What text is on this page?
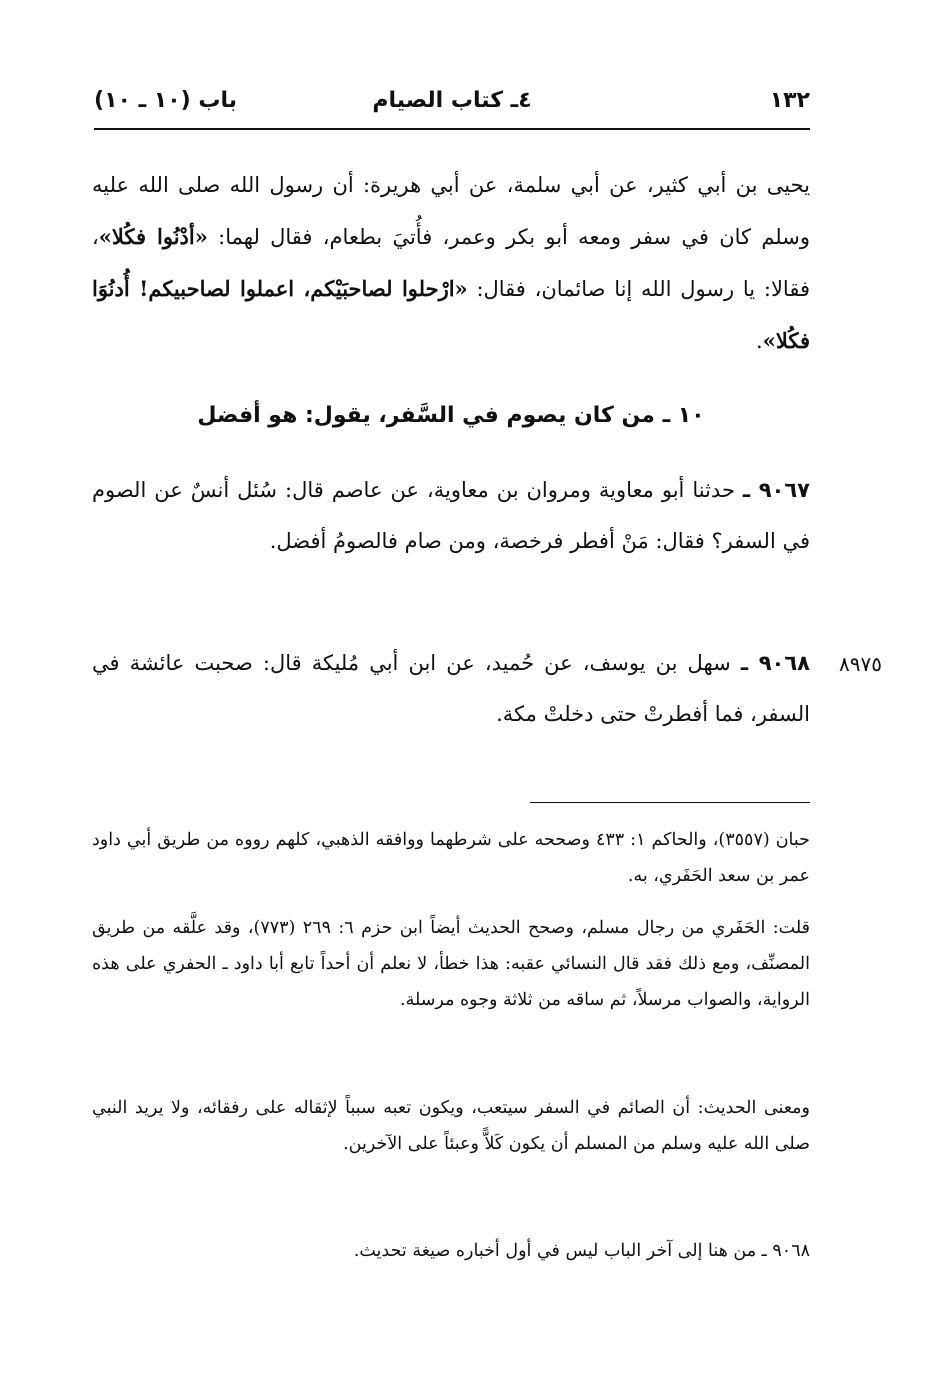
١٣٢
٤ـ كتاب الصيام
باب (١٠ ـ ١٠)
يحيى بن أبي كثير، عن أبي سلمة، عن أبي هريرة: أن رسول الله صلى الله عليه وسلم كان في سفر ومعه أبو بكر وعمر، فأُتيَ بطعام، فقال لهما: «أدْنُوا فكُلا»، فقالا: يا رسول الله إنا صائمان، فقال: «ارْحلوا لصاحبَيْكم، اعملوا لصاحبيكم! أُدنُوَا فكُلا».
١٠ ـ من كان يصوم في السَّفر، يقول: هو أفضل
٩٠٦٧ ـ حدثنا أبو معاوية ومروان بن معاوية، عن عاصم قال: سُئل أنسٌ عن الصوم في السفر؟ فقال: مَنْ أفطر فرخصة، ومن صام فالصومُ أفضل.
٨٩٧٥
٩٠٦٨ ـ سهل بن يوسف، عن حُميد، عن ابن أبي مُليكة قال: صحبت عائشة في السفر، فما أفطرتْ حتى دخلتْ مكة.
حبان (٣٥٥٧)، والحاكم ١: ٤٣٣ وصححه على شرطهما ووافقه الذهبي، كلهم رووه من طريق أبي داود عمر بن سعد الحَفَري، به.
قلت: الحَفَري من رجال مسلم، وصحح الحديث أيضاً ابن حزم ٦: ٢٦٩ (٧٧٣)، وقد علَّقه من طريق المصنِّف، ومع ذلك فقد قال النسائي عقبه: هذا خطأ، لا نعلم أن أحداً تابع أبا داود ـ الحفري على هذه الرواية، والصواب مرسلاً، ثم ساقه من ثلاثة وجوه مرسلة.
ومعنى الحديث: أن الصائم في السفر سيتعب، ويكون تعبه سبباً لإثقاله على رفقائه، ولا يريد النبي صلى الله عليه وسلم من المسلم أن يكون كَلاًّ وعبئاً على الآخرين.
٩٠٦٨ ـ من هنا إلى آخر الباب ليس في أول أخباره صيغة تحديث.
